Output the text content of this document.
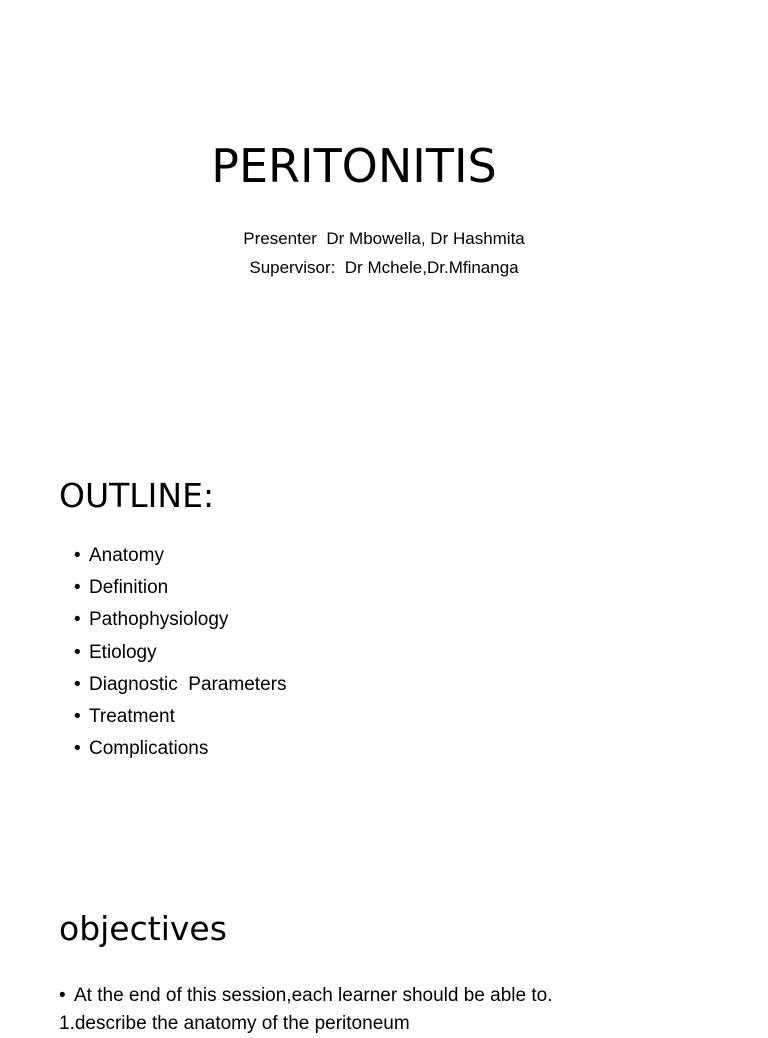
PERITONITIS

Presenter  Dr Mbowella, Dr Hashmita

Supervisor:  Dr Mchele,Dr.Mfinanga

OUTLINE:
• Anatomy
• Definition
• Pathophysiology
• Etiology
• Diagnostic  Parameters
• Treatment
• Complications
objectives

• At the end of this session,each learner should be able to.

1.describe the anatomy of the peritoneum
